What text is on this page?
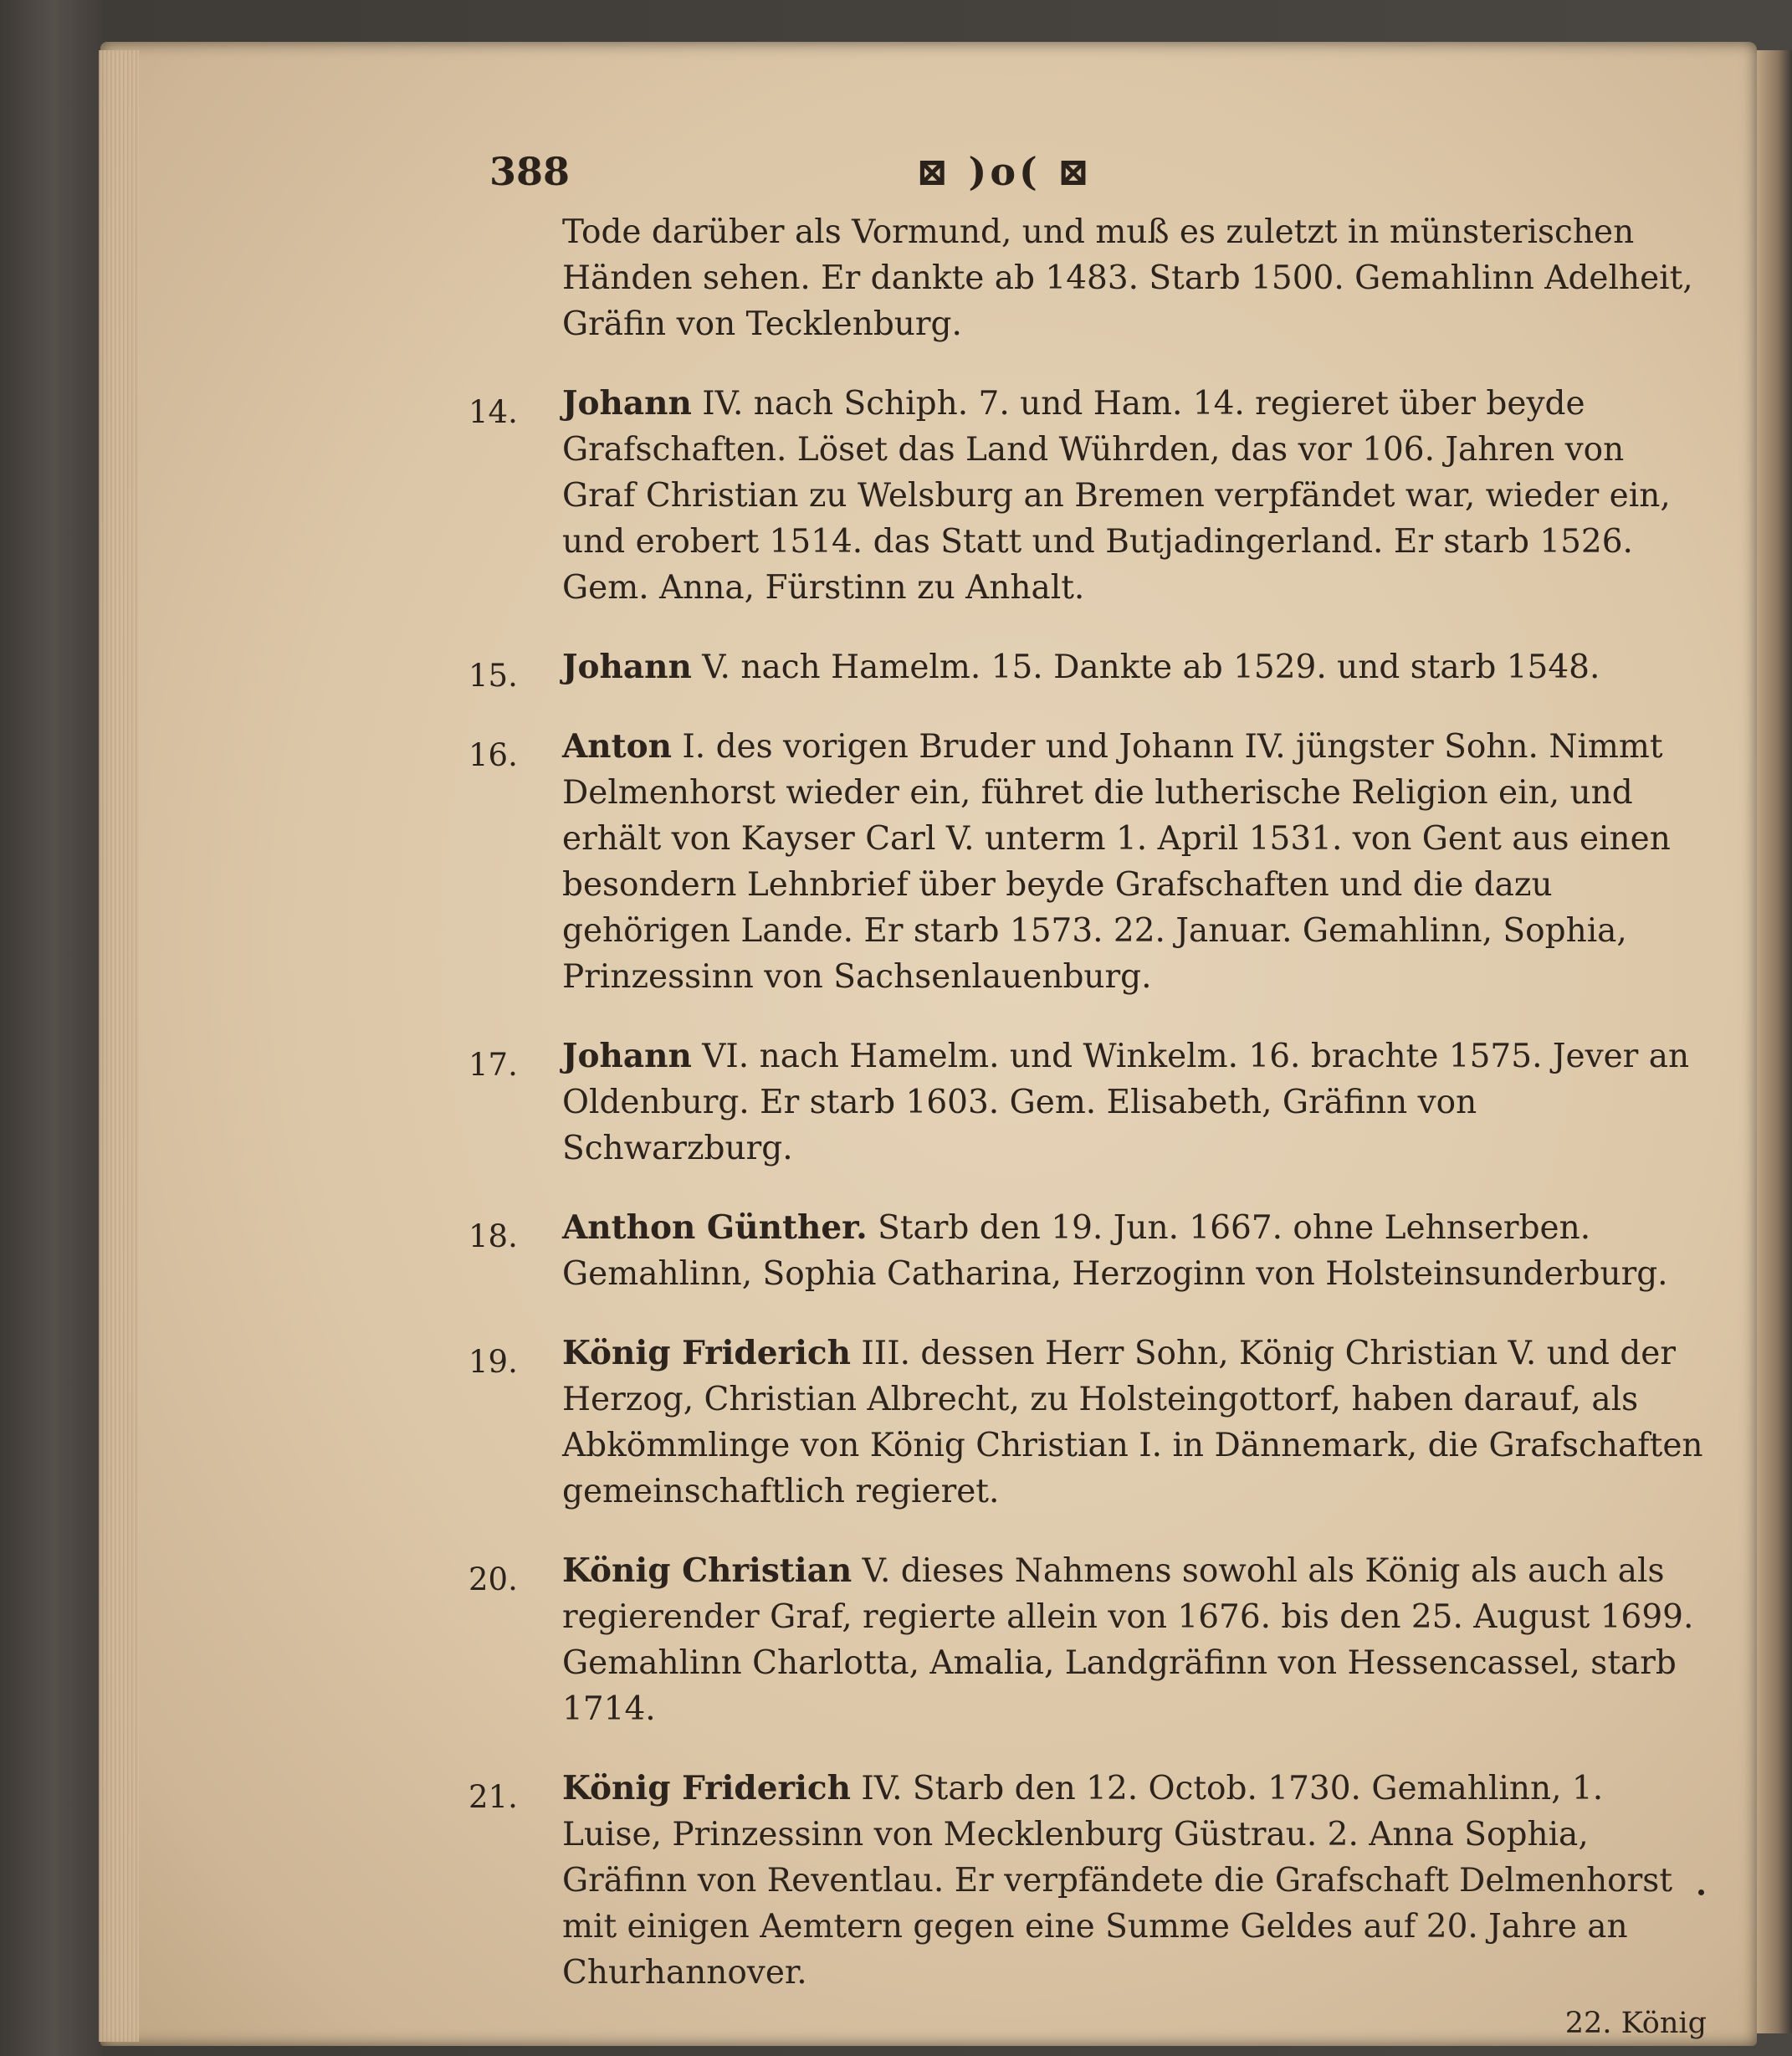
388	⊠ )o( ⊠

Tode darüber als Vormund, und muß es zuletzt in münsterischen Händen sehen. Er dankte ab 1483. Starb 1500. Gemahlinn Adelheit, Gräfin von Tecklenburg.

14.	Johann IV. nach Schiph. 7. und Ham. 14. regieret über beyde Grafschaften. Löset das Land Wührden, das vor 106. Jahren von Graf Christian zu Welsburg an Bremen verpfändet war, wieder ein, und erobert 1514. das Statt und Butjadingerland. Er starb 1526. Gem. Anna, Fürstinn zu Anhalt.

15.	Johann V. nach Hamelm. 15. Dankte ab 1529. und starb 1548.

16.	Anton I. des vorigen Bruder und Johann IV. jüngster Sohn. Nimmt Delmenhorst wieder ein, führet die lutherische Religion ein, und erhält von Kayser Carl V. unterm 1. April 1531. von Gent aus einen besondern Lehnbrief über beyde Grafschaften und die dazu gehörigen Lande. Er starb 1573. 22. Januar. Gemahlinn, Sophia, Prinzessinn von Sachsenlauenburg.

17.	Johann VI. nach Hamelm. und Winkelm. 16. brachte 1575. Jever an Oldenburg. Er starb 1603. Gem. Elisabeth, Gräfinn von Schwarzburg.

18.	Anthon Günther. Starb den 19. Jun. 1667. ohne Lehnserben. Gemahlinn, Sophia Catharina, Herzoginn von Holsteinsunderburg.

19.	König Friderich III. dessen Herr Sohn, König Christian V. und der Herzog, Christian Albrecht, zu Holsteingottorf, haben darauf, als Abkömmlinge von König Christian I. in Dännemark, die Grafschaften gemeinschaftlich regieret.

20.	König Christian V. dieses Nahmens sowohl als König als auch als regierender Graf, regierte allein von 1676. bis den 25. August 1699. Gemahlinn Charlotta, Amalia, Landgräfinn von Hessencassel, starb 1714.

21.	König Friderich IV. Starb den 12. Octob. 1730. Gemahlinn, 1. Luise, Prinzessinn von Mecklenburg Güstrau. 2. Anna Sophia, Gräfinn von Reventlau. Er verpfändete die Grafschaft Delmenhorst mit einigen Aemtern gegen eine Summe Geldes auf 20. Jahre an Churhannover.

22. König
